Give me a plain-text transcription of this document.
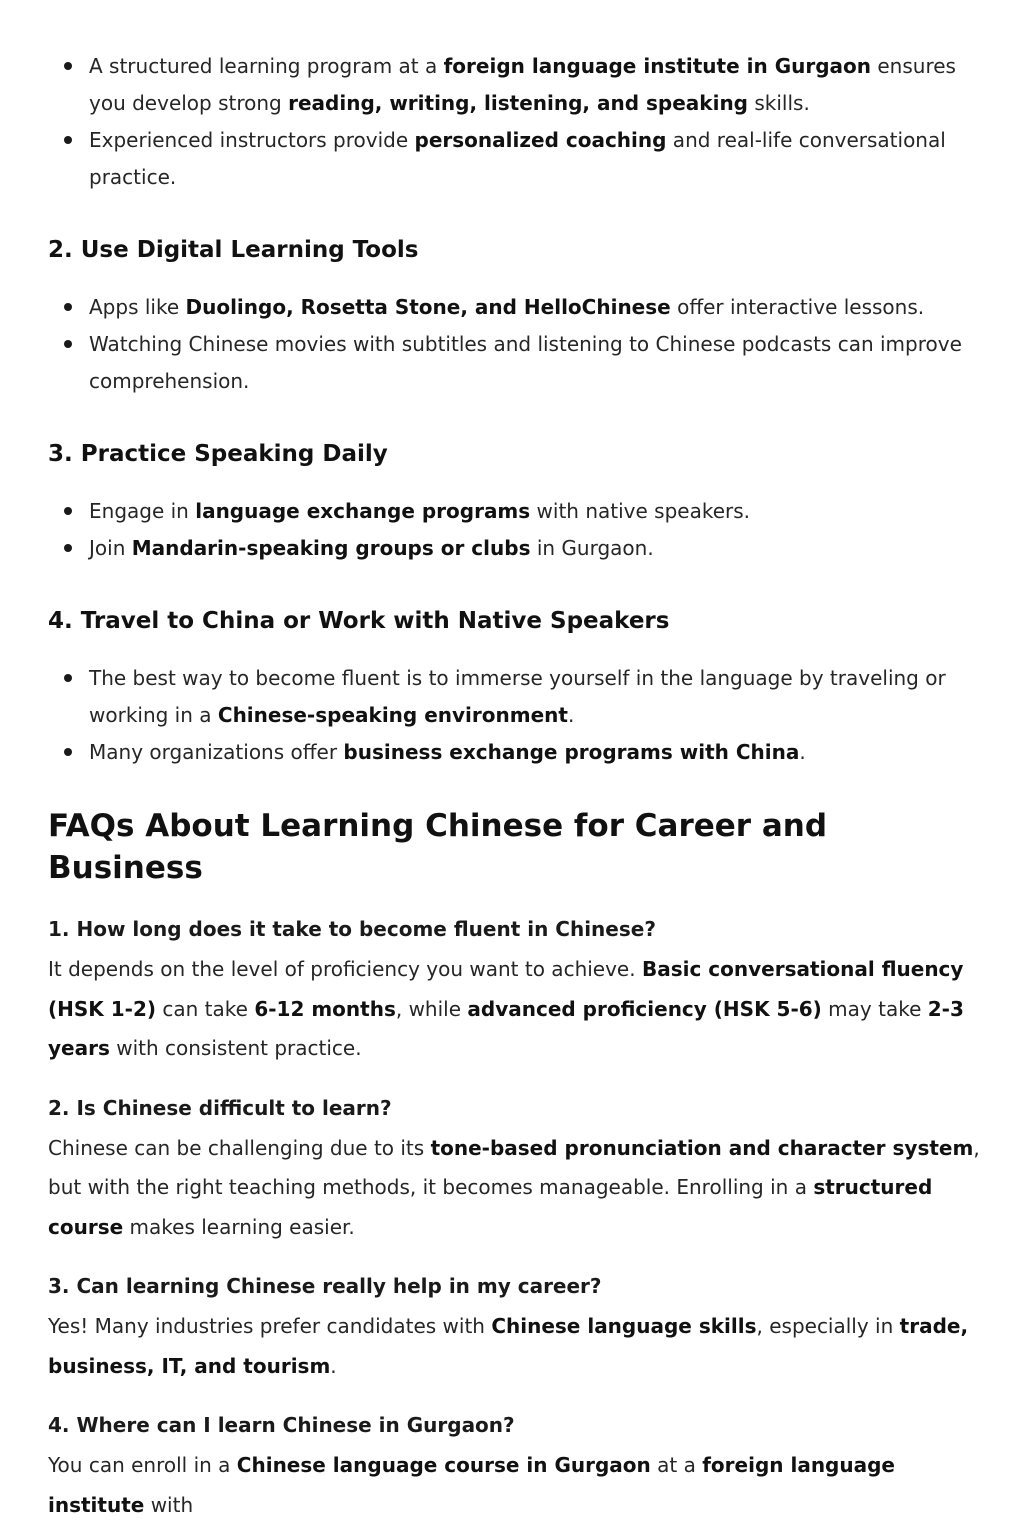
A structured learning program at a foreign language institute in Gurgaon ensures you develop strong reading, writing, listening, and speaking skills.
Experienced instructors provide personalized coaching and real-life conversational practice.
2. Use Digital Learning Tools
Apps like Duolingo, Rosetta Stone, and HelloChinese offer interactive lessons.
Watching Chinese movies with subtitles and listening to Chinese podcasts can improve comprehension.
3. Practice Speaking Daily
Engage in language exchange programs with native speakers.
Join Mandarin-speaking groups or clubs in Gurgaon.
4. Travel to China or Work with Native Speakers
The best way to become fluent is to immerse yourself in the language by traveling or working in a Chinese-speaking environment.
Many organizations offer business exchange programs with China.
FAQs About Learning Chinese for Career and Business

1. How long does it take to become fluent in Chinese?

It depends on the level of proficiency you want to achieve. Basic conversational fluency (HSK 1-2) can take 6-12 months, while advanced proficiency (HSK 5-6) may take 2-3 years with consistent practice.

2. Is Chinese difficult to learn?

Chinese can be challenging due to its tone-based pronunciation and character system, but with the right teaching methods, it becomes manageable. Enrolling in a structured course makes learning easier.

3. Can learning Chinese really help in my career?

Yes! Many industries prefer candidates with Chinese language skills, especially in trade, business, IT, and tourism.

4. Where can I learn Chinese in Gurgaon?

You can enroll in a Chinese language course in Gurgaon at a foreign language institute with
